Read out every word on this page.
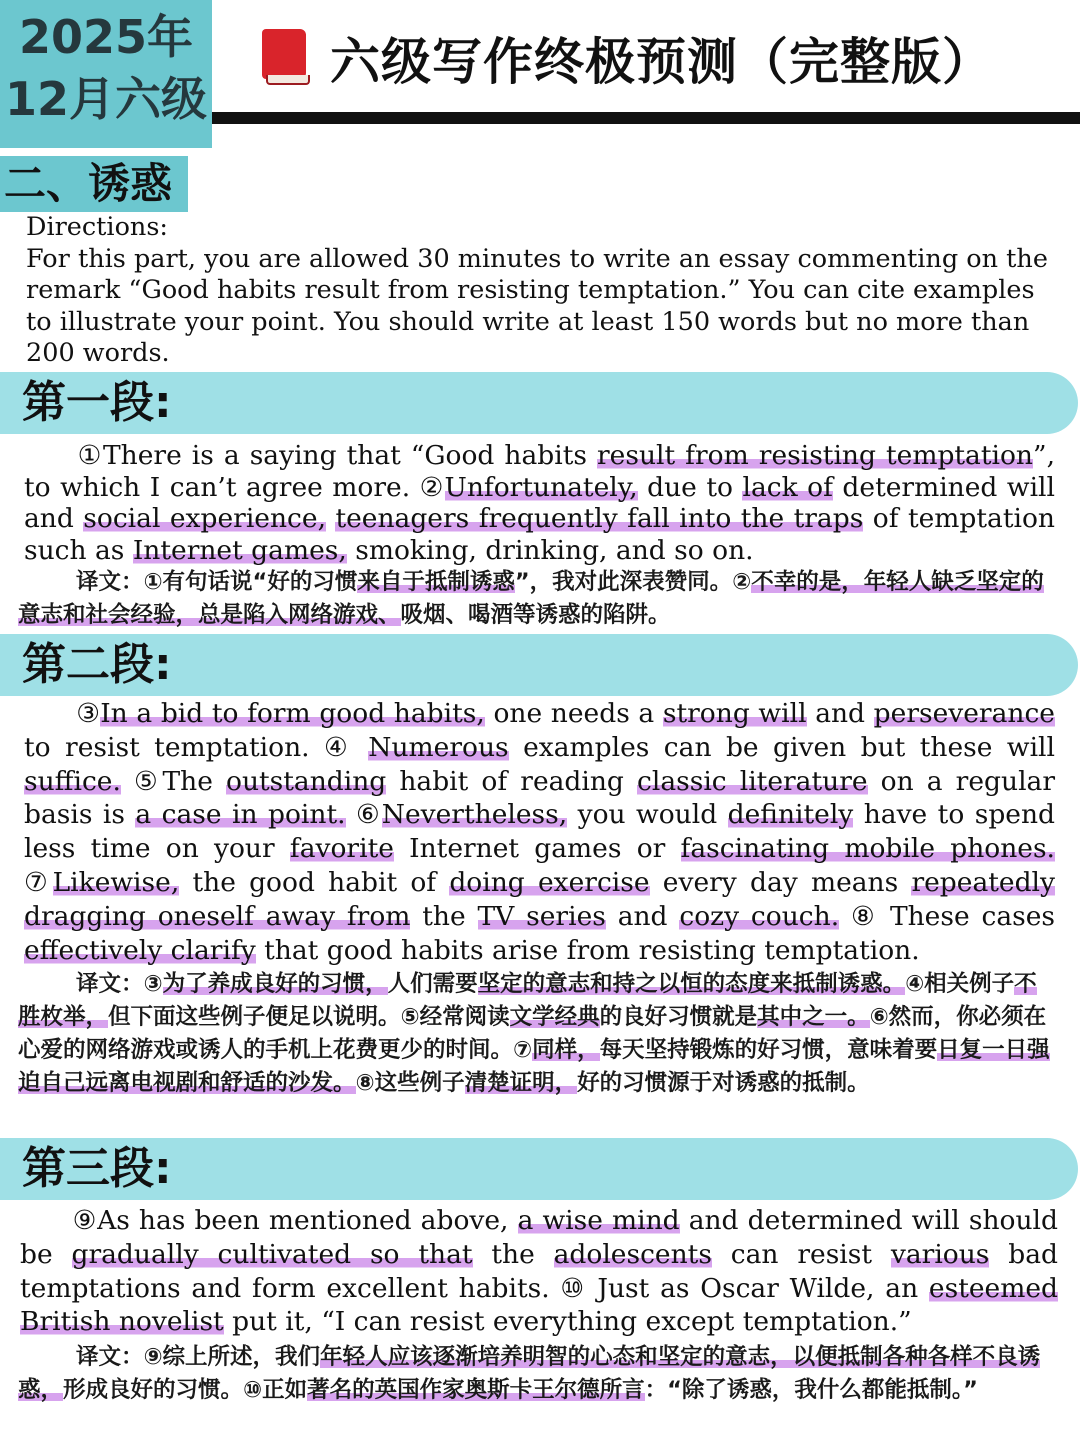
2025年
12月六级
六级写作终极预测（完整版）
二、诱惑
Directions:
For this part, you are allowed 30 minutes to write an essay commenting on the remark “Good habits result from resisting temptation.” You can cite examples to illustrate your point. You should write at least 150 words but no more than 200 words.
第一段:
①There is a saying that “Good habits result from resisting temptation”, to which I can’t agree more. ②Unfortunately, due to lack of determined will and social experience, teenagers frequently fall into the traps of temptation such as Internet games, smoking, drinking, and so on.
译文：①有句话说“好的习惯来自于抵制诱惑”，我对此深表赞同。②不幸的是，年轻人缺乏坚定的意志和社会经验，总是陷入网络游戏、吸烟、喝酒等诱惑的陷阱。
第二段:
③In a bid to form good habits, one needs a strong will and perseverance to resist temptation. ④ Numerous examples can be given but these will suffice. ⑤The outstanding habit of reading classic literature on a regular basis is a case in point. ⑥Nevertheless, you would definitely have to spend less time on your favorite Internet games or fascinating mobile phones. ⑦Likewise, the good habit of doing exercise every day means repeatedly dragging oneself away from the TV series and cozy couch. ⑧ These cases effectively clarify that good habits arise from resisting temptation.
译文：③为了养成良好的习惯，人们需要坚定的意志和持之以恒的态度来抵制诱惑。④相关例子不胜枚举，但下面这些例子便足以说明。⑤经常阅读文学经典的良好习惯就是其中之一。⑥然而，你必须在心爱的网络游戏或诱人的手机上花费更少的时间。⑦同样，每天坚持锻炼的好习惯，意味着要日复一日强迫自己远离电视剧和舒适的沙发。⑧这些例子清楚证明，好的习惯源于对诱惑的抵制。
第三段:
⑨As has been mentioned above, a wise mind and determined will should be gradually cultivated so that the adolescents can resist various bad temptations and form excellent habits. ⑩ Just as Oscar Wilde, an esteemed British novelist put it, “I can resist everything except temptation.”
译文：⑨综上所述，我们年轻人应该逐渐培养明智的心态和坚定的意志，以便抵制各种各样不良诱惑，形成良好的习惯。⑩正如著名的英国作家奥斯卡王尔德所言：“除了诱惑，我什么都能抵制。”
